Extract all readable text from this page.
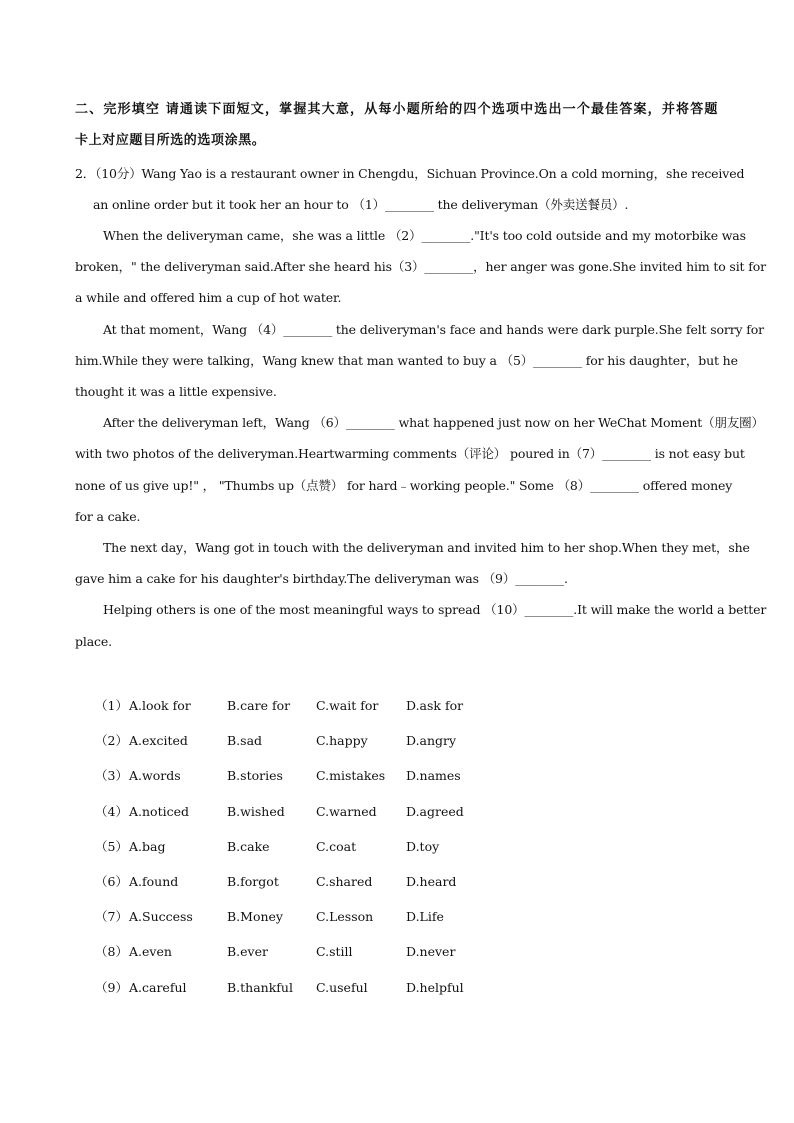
二、完形填空 请通读下面短文，掌握其大意，从每小题所给的四个选项中选出一个最佳答案，并将答题
卡上对应题目所选的选项涂黑。
2．（10分）Wang Yao is a restaurant owner in Chengdu，Sichuan Province.On a cold morning，she received
an online order but it took her an hour to （1）________ the deliveryman（外卖送餐员）.
When the deliveryman came，she was a little （2）________."It's too cold outside and my motorbike was
broken，" the deliveryman said.After she heard his（3）________，her anger was gone.She invited him to sit for
a while and offered him a cup of hot water.
At that moment，Wang （4）________ the deliveryman's face and hands were dark purple.She felt sorry for
him.While they were talking，Wang knew that man wanted to buy a （5）________ for his daughter，but he
thought it was a little expensive.
After the deliveryman left，Wang （6）________ what happened just now on her WeChat Moment（朋友圈）
with two photos of the deliveryman.Heartwarming comments（评论） poured in（7）________ is not easy but
none of us give up!" ， "Thumbs up（点赞） for hard﹣working people." Some （8）________ offered money
for a cake.
The next day，Wang got in touch with the deliveryman and invited him to her shop.When they met，she
gave him a cake for his daughter's birthday.The deliveryman was （9）________.
Helping others is one of the most meaningful ways to spread （10）________.It will make the world a better
place.
（1） A.look for	B.care for C.wait for D.ask for
（2） A.excited	B.sad	C.happy	D.angry
（3） A.words	B.stories	C.mistakes D.names
（4） A.noticed	B.wished	C.warned D.agreed
（5） A.bag	B.cake	C.coat	D.toy
（6） A.found	B.forgot	C.shared	D.heard
（7） A.Success	B.Money	C.Lesson	D.Life
（8） A.even	B.ever	C.still	D.never
（9） A.careful	B.thankful C.useful	D.helpful
